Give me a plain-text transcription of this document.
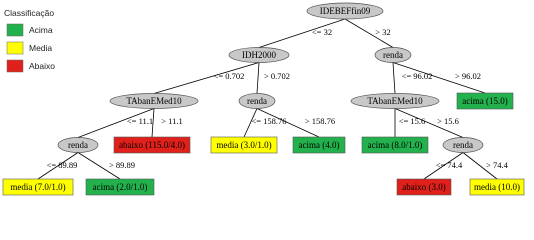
Classificação
Acima
Media
Abaixo
<= 32	> 32
<= 0.702 > 0.702	<= 96.02	> 96.02
<= 11.1 > 11.1	<= 158.76 > 158.76	<= 15.6 > 15.6
<= 89.89	> 89.89	<= 74.4	> 74.4
IDEBEFfin09
IDH2000	renda
TAbanEMed10	renda	TAbanEMed10
renda	renda
acima (15.0)
abaixo (115.0/4.0)	media (3.0/1.0)	acima (4.0)	acima (8.0/1.0)
media (7.0/1.0)	acima (2.0/1.0)	abaixo (3.0)	media (10.0)
